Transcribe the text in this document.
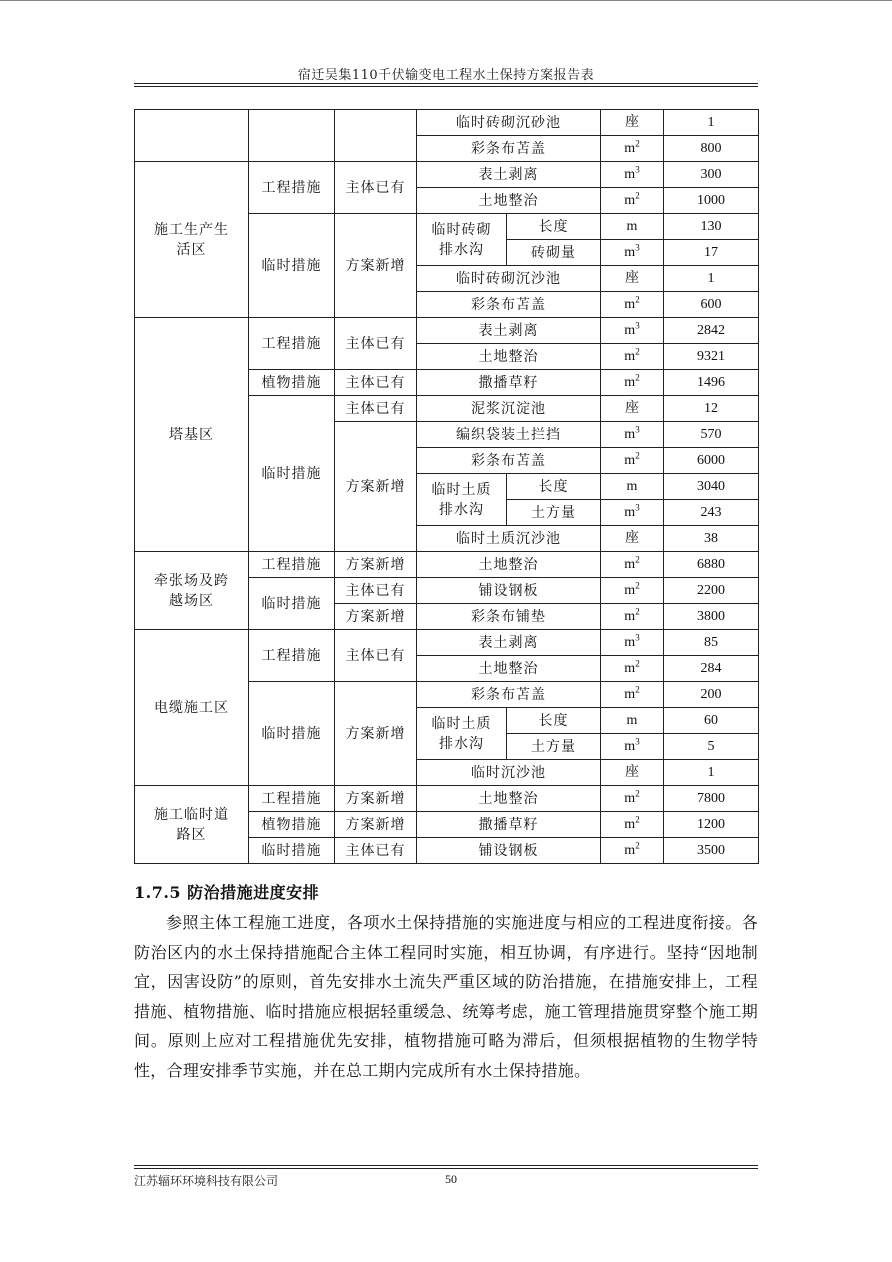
宿迁吴集110千伏输变电工程水土保持方案报告表
			临时砖砌沉砂池		座	1
			彩条布苫盖		$m^2$	800
施工生产生活区	工程措施	主体已有	表土剥离		$m^3$	300
			土地整治		$m^2$	1000
	临时措施	方案新增	临时砖砌排水沟	长度	m	130
				砖砌量	$m^3$	17
			临时砖砌沉沙池		座	1
			彩条布苫盖		$m^2$	600
塔基区	工程措施	主体已有	表土剥离		$m^3$	2842
			土地整治		$m^2$	9321
	植物措施	主体已有	撒播草籽		$m^2$	1496
	临时措施	主体已有	泥浆沉淀池		座	12
		方案新增	编织袋装土拦挡		$m^3$	570
			彩条布苫盖		$m^2$	6000
			临时土质排水沟	长度	m	3040
				土方量	$m^3$	243
			临时土质沉沙池		座	38
牵张场及跨越场区	工程措施	方案新增	土地整治		$m^2$	6880
	临时措施	主体已有	铺设钢板		$m^2$	2200
		方案新增	彩条布铺垫		$m^2$	3800
电缆施工区	工程措施	主体已有	表土剥离		$m^3$	85
			土地整治		$m^2$	284
	临时措施	方案新增	彩条布苫盖		$m^2$	200
			临时土质排水沟	长度	m	60
				土方量	$m^3$	5
			临时沉沙池		座	1
施工临时道路区	工程措施	方案新增	土地整治		$m^2$	7800
	植物措施	方案新增	撒播草籽		$m^2$	1200
	临时措施	主体已有	铺设钢板		$m^2$	3500
1.7.5 防治措施进度安排

参照主体工程施工进度，各项水土保持措施的实施进度与相应的工程进度衔接。各防治区内的水土保持措施配合主体工程同时实施，相互协调，有序进行。坚持“因地制宜，因害设防”的原则，首先安排水土流失严重区域的防治措施，在措施安排上，工程措施、植物措施、临时措施应根据轻重缓急、统筹考虑，施工管理措施贯穿整个施工期间。原则上应对工程措施优先安排，植物措施可略为滞后，但须根据植物的生物学特性，合理安排季节实施，并在总工期内完成所有水土保持措施。

江苏辐环环境科技有限公司	50
